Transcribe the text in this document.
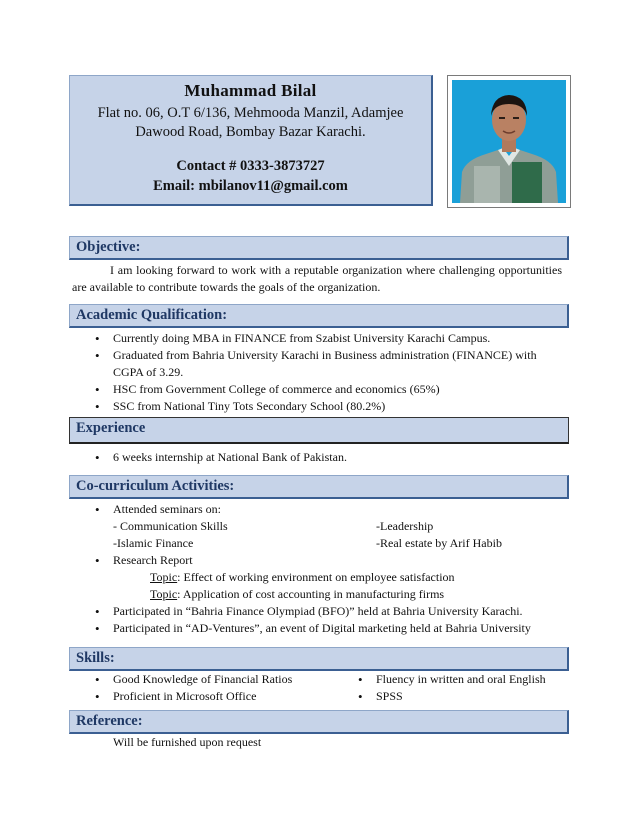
Muhammad Bilal
Flat no. 06, O.T 6/136, Mehmooda Manzil, Adamjee
Dawood Road, Bombay Bazar Karachi.
Contact # 0333-3873727
Email: mbilanov11@gmail.com
Objective:
I am looking forward to work with a reputable organization where challenging opportunities are available to contribute towards the goals of the organization.
Academic Qualification:
• Currently doing MBA in FINANCE from Szabist University Karachi Campus.
• Graduated from Bahria University Karachi in Business administration (FINANCE) with CGPA of 3.29.
• HSC from Government College of commerce and economics (65%)
• SSC from National Tiny Tots Secondary School (80.2%)
Experience
• 6 weeks internship at National Bank of Pakistan.
Co-curriculum Activities:
• Attended seminars on:
- Communication Skills	-Leadership
-Islamic Finance	-Real estate by Arif Habib
• Research Report
Topic: Effect of working environment on employee satisfaction
Topic: Application of cost accounting in manufacturing firms
• Participated in “Bahria Finance Olympiad (BFO)” held at Bahria University Karachi.
• Participated in “AD-Ventures”, an event of Digital marketing held at Bahria University
Skills:
• Good Knowledge of Financial Ratios
• Proficient in Microsoft Office
• Fluency in written and oral English
• SPSS
Reference:
Will be furnished upon request
